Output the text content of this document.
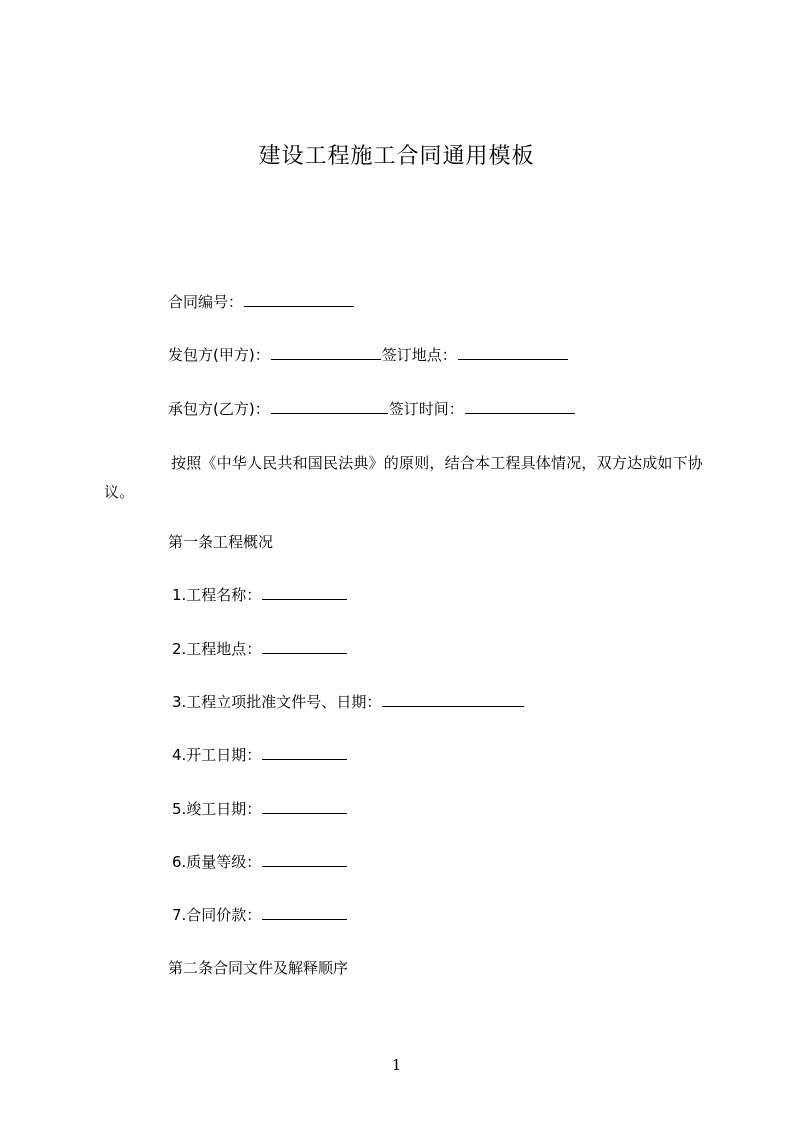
建设工程施工合同通用模板
合同编号：
发包方(甲方)：	签订地点：
承包方(乙方)：	签订时间：
按照《中华人民共和国民法典》的原则，结合本工程具体情况，双方达成如下协议。
第一条工程概况
1.工程名称：
2.工程地点：
3.工程立项批准文件号、日期：
4.开工日期：
5.竣工日期：
6.质量等级：
7.合同价款：
第二条合同文件及解释顺序
1
